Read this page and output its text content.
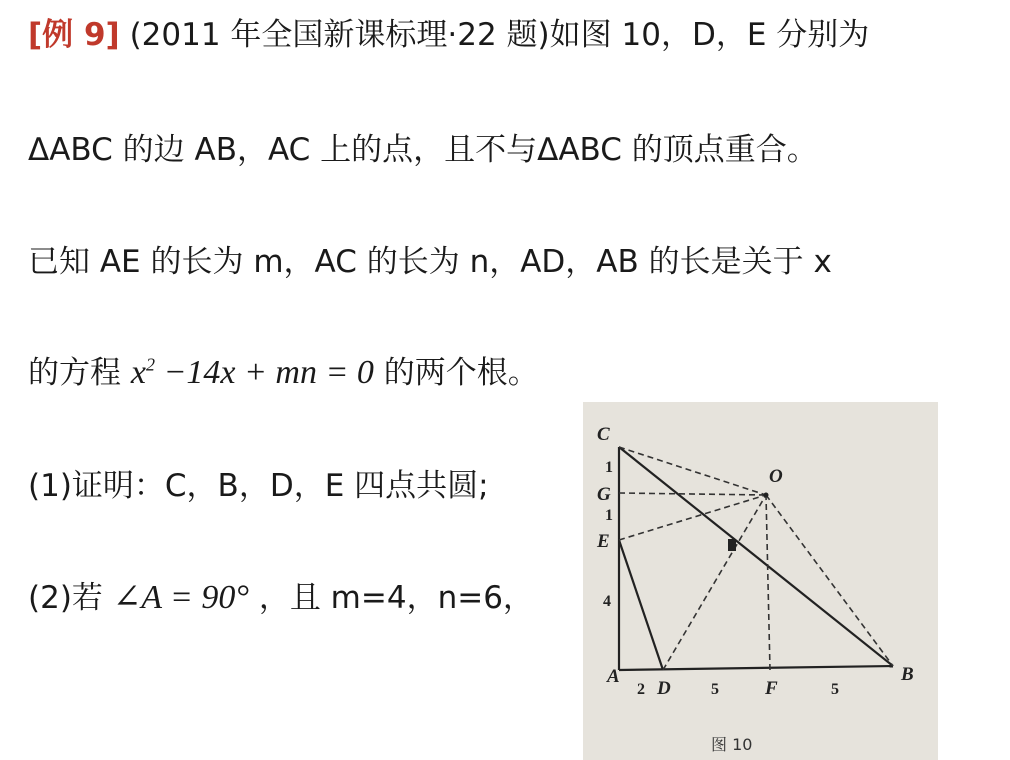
[例 9] (2011 年全国新课标理·22 题)如图 10，D，E 分别为
ΔABC 的边 AB，AC 上的点，且不与ΔABC 的顶点重合。
已知 AE 的长为 m，AC 的长为 n，AD，AB 的长是关于 x
的方程 $x^2 -14x$ + mn = 0 的两个根。
(1)证明：C，B，D，E 四点共圆;
(2)若 ∠A = 90° ，且 m=4，n=6，
C
G
E
A
D	F
B
O
1
1
4
2	5	5
图 10
